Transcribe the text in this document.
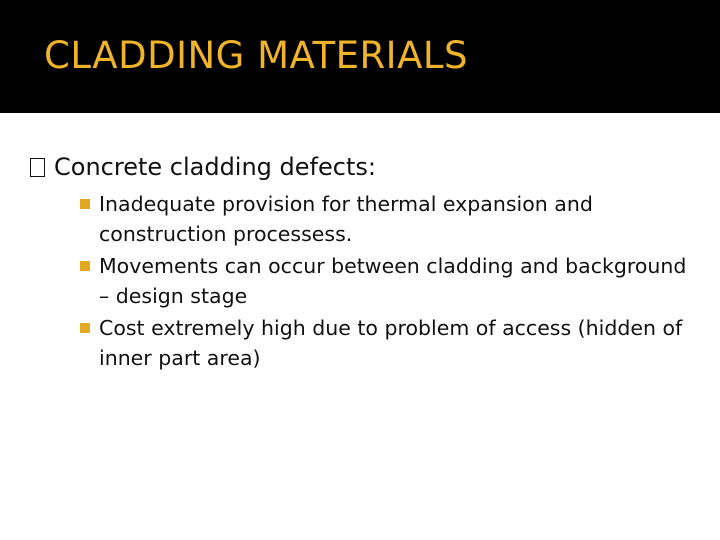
CLADDING MATERIALS
Concrete cladding defects:
Inadequate provision for thermal expansion and construction processess.
Movements can occur between cladding and background – design stage
Cost extremely high due to problem of access (hidden of inner part area)
